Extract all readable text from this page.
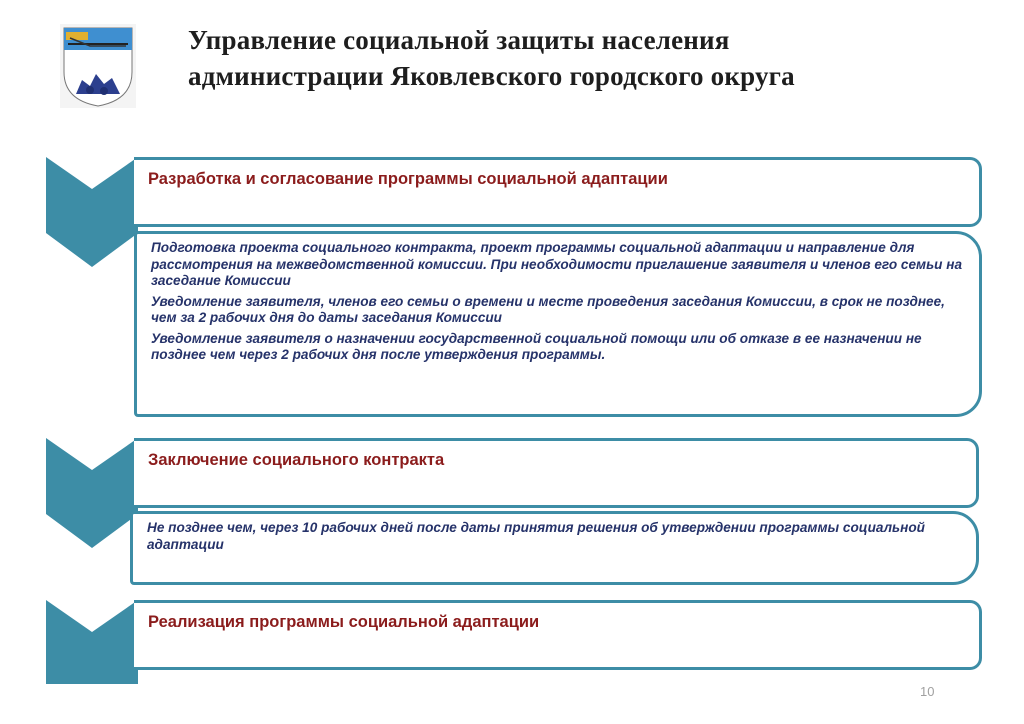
Управление социальной защиты населения
администрации Яковлевского городского округа
Разработка и согласование программы социальной адаптации

Подготовка проекта социального контракта, проект программы социальной адаптации и направление для рассмотрения на межведомственной комиссии. При необходимости приглашение заявителя и членов его семьи на заседание Комиссии

Уведомление заявителя, членов его семьи о времени и месте проведения заседания Комиссии, в срок не позднее, чем за 2 рабочих дня до даты заседания Комиссии

Уведомление заявителя о назначении государственной социальной помощи или об отказе в ее назначении не позднее чем через 2 рабочих дня после утверждения программы.

Заключение социального контракта

Не позднее чем, через 10 рабочих дней после даты принятия решения об утверждении программы социальной адаптации

Реализация программы социальной адаптации
10
